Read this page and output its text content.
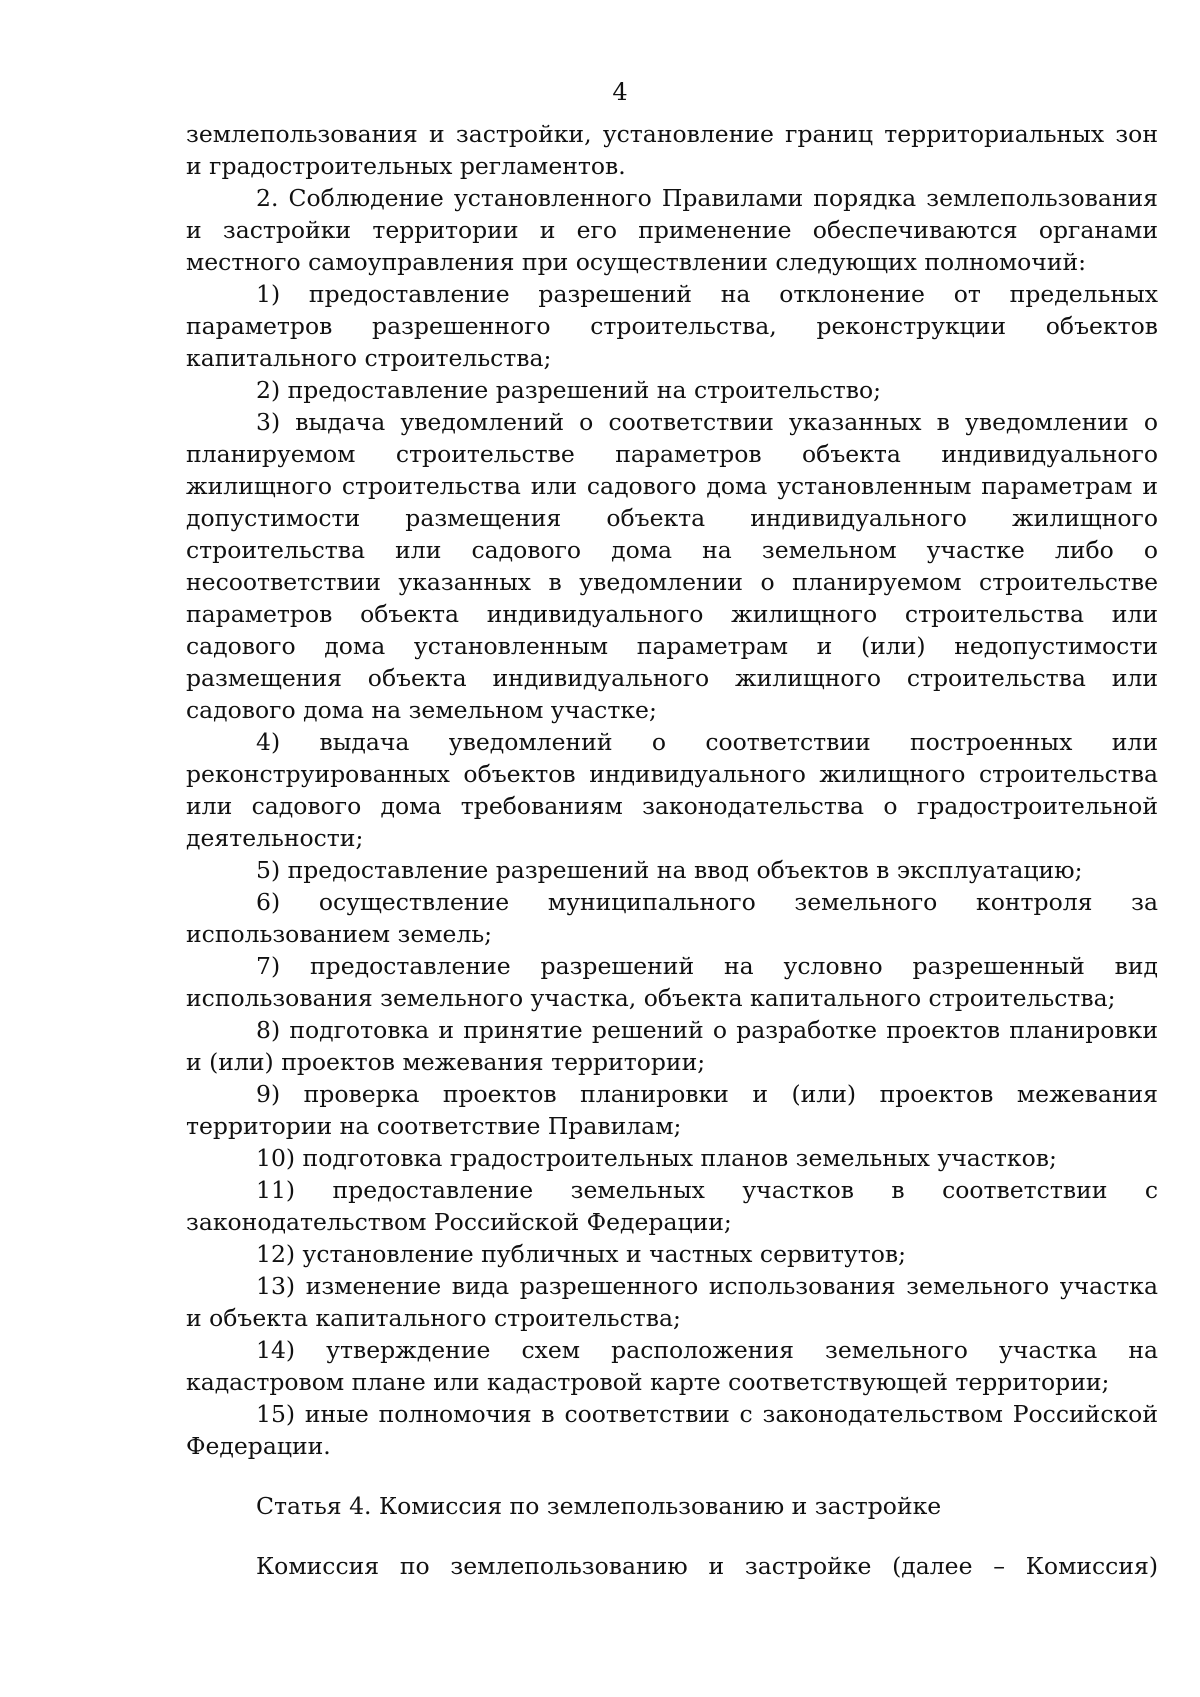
4

землепользования и застройки, установление границ территориальных зон и градостроительных регламентов.

2. Соблюдение установленного Правилами порядка землепользования и застройки территории и его применение обеспечиваются органами местного самоуправления при осуществлении следующих полномочий:

1) предоставление разрешений на отклонение от предельных параметров разрешенного строительства, реконструкции объектов капитального строительства;

2) предоставление разрешений на строительство;

3) выдача уведомлений о соответствии указанных в уведомлении о планируемом строительстве параметров объекта индивидуального жилищного строительства или садового дома установленным параметрам и допустимости размещения объекта индивидуального жилищного строительства или садового дома на земельном участке либо о несоответствии указанных в уведомлении о планируемом строительстве параметров объекта индивидуального жилищного строительства или садового дома установленным параметрам и (или) недопустимости размещения объекта индивидуального жилищного строительства или садового дома на земельном участке;

4) выдача уведомлений о соответствии построенных или реконструированных объектов индивидуального жилищного строительства или садового дома требованиям законодательства о градостроительной деятельности;

5) предоставление разрешений на ввод объектов в эксплуатацию;

6) осуществление муниципального земельного контроля за использованием земель;

7) предоставление разрешений на условно разрешенный вид использования земельного участка, объекта капитального строительства;

8) подготовка и принятие решений о разработке проектов планировки и (или) проектов межевания территории;

9) проверка проектов планировки и (или) проектов межевания территории на соответствие Правилам;

10) подготовка градостроительных планов земельных участков;

11) предоставление земельных участков в соответствии с законодательством Российской Федерации;

12) установление публичных и частных сервитутов;

13) изменение вида разрешенного использования земельного участка и объекта капитального строительства;

14) утверждение схем расположения земельного участка на кадастровом плане или кадастровой карте соответствующей территории;

15) иные полномочия в соответствии с законодательством Российской Федерации.

Статья 4. Комиссия по землепользованию и застройке

Комиссия по землепользованию и застройке (далее – Комиссия)
